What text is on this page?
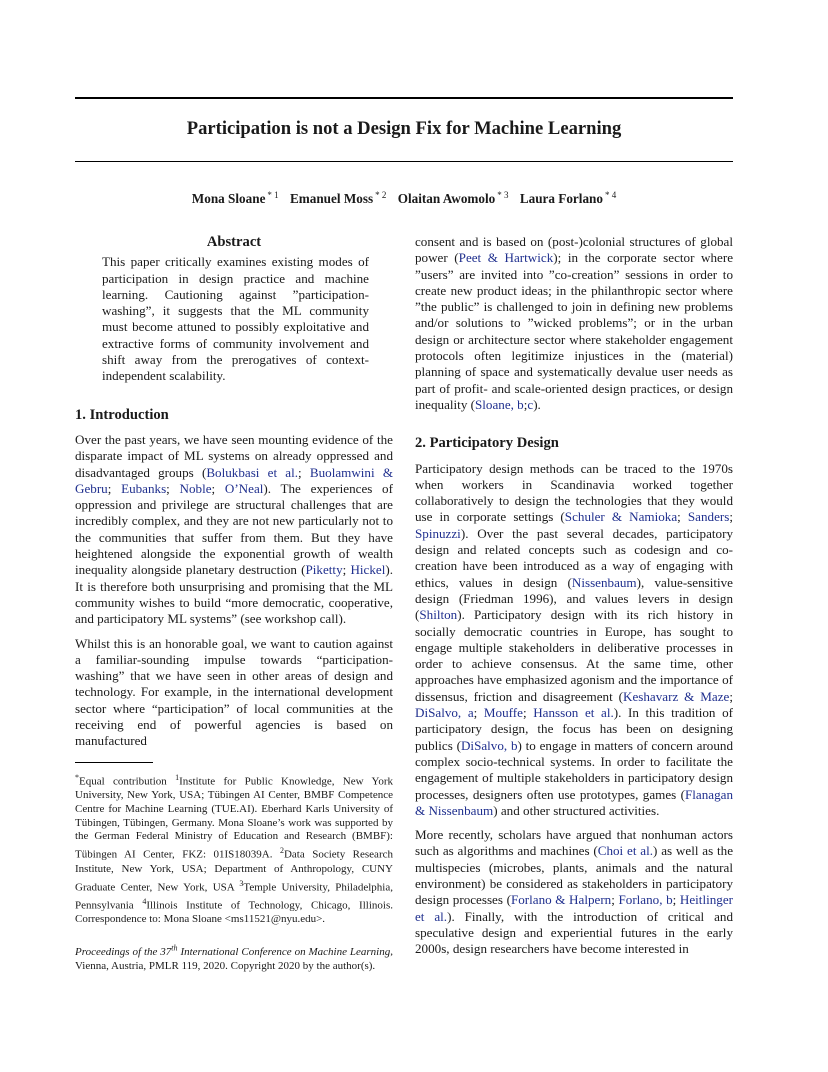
Participation is not a Design Fix for Machine Learning
Mona Sloane $^{* 1}$ Emanuel Moss $^{* 2}$ Olaitan Awomolo $^{* 3}$ Laura Forlano $^{* 4}$
Abstract

This paper critically examines existing modes of participation in design practice and machine learning. Cautioning against ”participation-washing”, it suggests that the ML community must become attuned to possibly exploitative and extractive forms of community involvement and shift away from the prerogatives of context-independent scalability.

1. Introduction

Over the past years, we have seen mounting evidence of the disparate impact of ML systems on already oppressed and disadvantaged groups (Bolukbasi et al.; Buolamwini & Gebru; Eubanks; Noble; O’Neal). The experiences of oppression and privilege are structural challenges that are incredibly complex, and they are not new particularly not to the communities that suffer from them. But they have heightened alongside the exponential growth of wealth inequality alongside planetary destruction (Piketty; Hickel). It is therefore both unsurprising and promising that the ML community wishes to build “more democratic, cooperative, and participatory ML systems” (see workshop call).

Whilst this is an honorable goal, we want to caution against a familiar-sounding impulse towards “participation-washing” that we have seen in other areas of design and technology. For example, in the international development sector where “participation” of local communities at the receiving end of powerful agencies is based on manufactured

*Equal contribution $^1$Institute for Public Knowledge, New York University, New York, USA; Tübingen AI Center, BMBF Competence Centre for Machine Learning (TUE.AI). Eberhard Karls University of Tübingen, Tübingen, Germany. Mona Sloane’s work was supported by the German Federal Ministry of Education and Research (BMBF): Tübingen AI Center, FKZ: 01IS18039A. $^2$Data Society Research Institute, New York, USA; Department of Anthropology, CUNY Graduate Center, New York, USA $^3$Temple University, Philadelphia, Pennsylvania $^4$Illinois Institute of Technology, Chicago, Illinois. Correspondence to: Mona Sloane <ms11521@nyu.edu>.

Proceedings of the 37th International Conference on Machine Learning, Vienna, Austria, PMLR 119, 2020. Copyright 2020 by the author(s).

consent and is based on (post-)colonial structures of global power (Peet & Hartwick); in the corporate sector where ”users” are invited into ”co-creation” sessions in order to create new product ideas; in the philanthropic sector where ”the public” is challenged to join in defining new problems and/or solutions to ”wicked problems”; or in the urban design or architecture sector where stakeholder engagement protocols often legitimize injustices in the (material) planning of space and systematically devalue user needs as part of profit- and scale-oriented design practices, or design inequality (Sloane, b;c).

2. Participatory Design

Participatory design methods can be traced to the 1970s when workers in Scandinavia worked together collaboratively to design the technologies that they would use in corporate settings (Schuler & Namioka; Sanders; Spinuzzi). Over the past several decades, participatory design and related concepts such as codesign and co-creation have been introduced as a way of engaging with ethics, values in design (Nissenbaum), value-sensitive design (Friedman 1996), and values levers in design (Shilton). Participatory design with its rich history in socially democratic countries in Europe, has sought to engage multiple stakeholders in deliberative processes in order to achieve consensus. At the same time, other approaches have emphasized agonism and the importance of dissensus, friction and disagreement (Keshavarz & Maze; DiSalvo, a; Mouffe; Hansson et al.). In this tradition of participatory design, the focus has been on designing publics (DiSalvo, b) to engage in matters of concern around complex socio-technical systems. In order to facilitate the engagement of multiple stakeholders in participatory design processes, designers often use prototypes, games (Flanagan & Nissenbaum) and other structured activities.

More recently, scholars have argued that nonhuman actors such as algorithms and machines (Choi et al.) as well as the multispecies (microbes, plants, animals and the natural environment) be considered as stakeholders in participatory design processes (Forlano & Halpern; Forlano, b; Heitlinger et al.). Finally, with the introduction of critical and speculative design and experiential futures in the early 2000s, design researchers have become interested in
